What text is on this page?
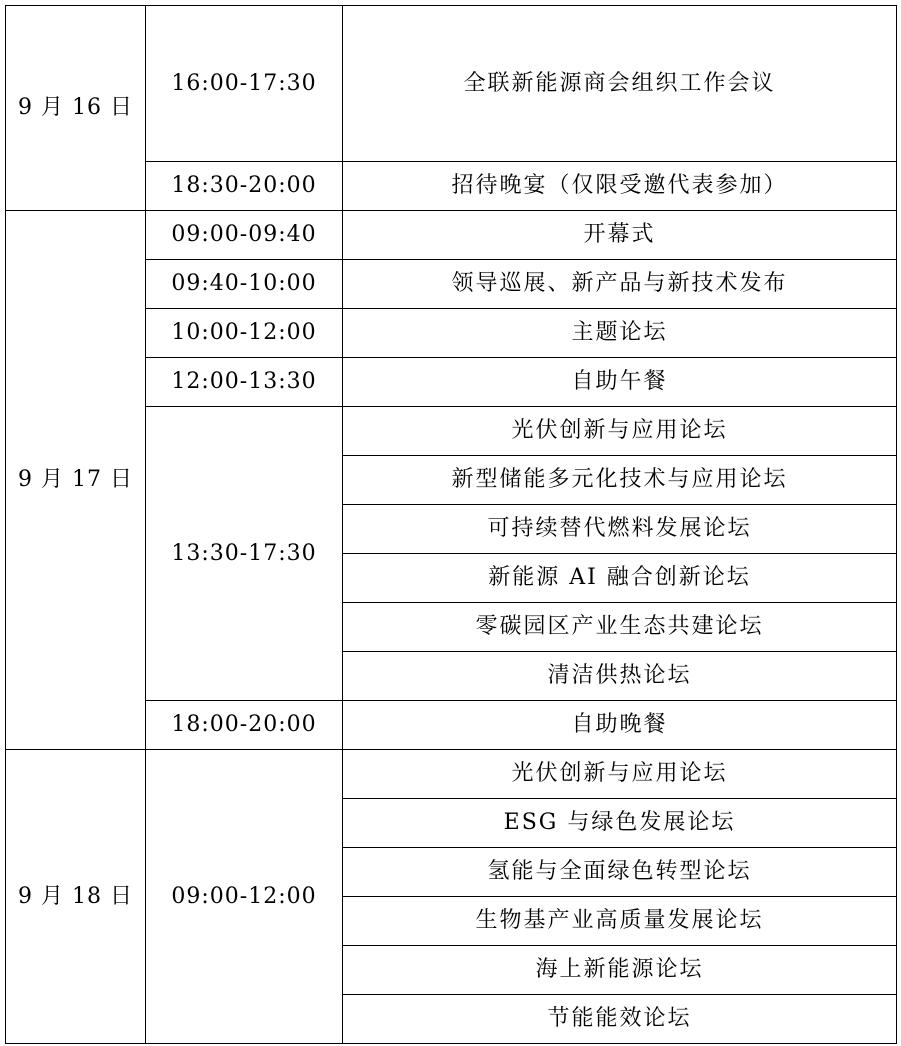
9 月 16 日	16:00-17:30	全联新能源商会组织工作会议
	18:30-20:00	招待晚宴（仅限受邀代表参加）
9 月 17 日	09:00-09:40	开幕式
	09:40-10:00	领导巡展、新产品与新技术发布
	10:00-12:00	主题论坛
	12:00-13:30	自助午餐
	13:30-17:30	光伏创新与应用论坛
		新型储能多元化技术与应用论坛
		可持续替代燃料发展论坛
		新能源 AI 融合创新论坛
		零碳园区产业生态共建论坛
		清洁供热论坛
	18:00-20:00	自助晚餐
9 月 18 日	09:00-12:00	光伏创新与应用论坛
		ESG 与绿色发展论坛
		氢能与全面绿色转型论坛
		生物基产业高质量发展论坛
		海上新能源论坛
		节能能效论坛
